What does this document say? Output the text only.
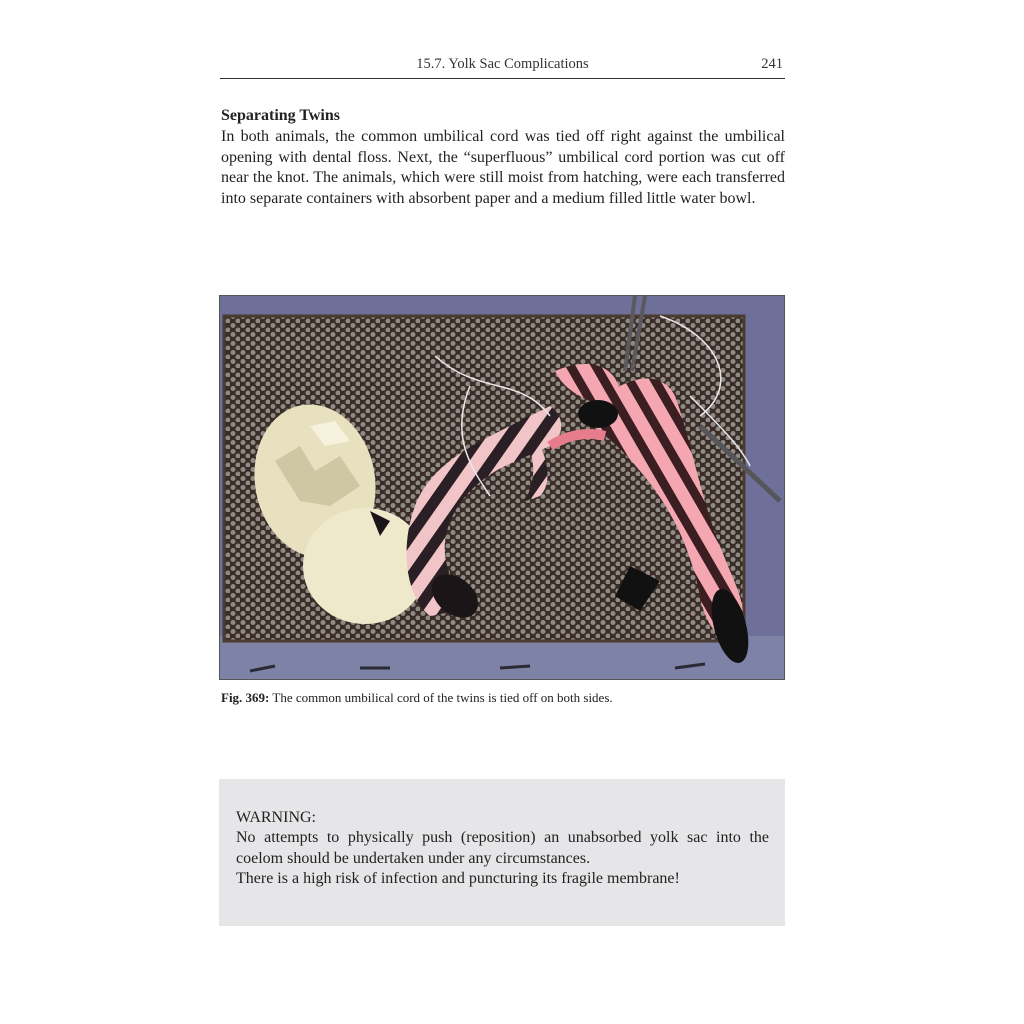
15.7. Yolk Sac Complications	241
Separating Twins

In both animals, the common umbilical cord was tied off right against the umbilical opening with dental floss. Next, the “superfluous” umbilical cord portion was cut off near the knot. The animals, which were still moist from hatching, were each transferred into separate containers with absorbent paper and a medium filled little water bowl.

Fig. 369: The common umbilical cord of the twins is tied off on both sides.
WARNING:
No attempts to physically push (reposition) an unabsorbed yolk sac into the coelom should be undertaken under any circumstances.
There is a high risk of infection and puncturing its fragile membrane!
